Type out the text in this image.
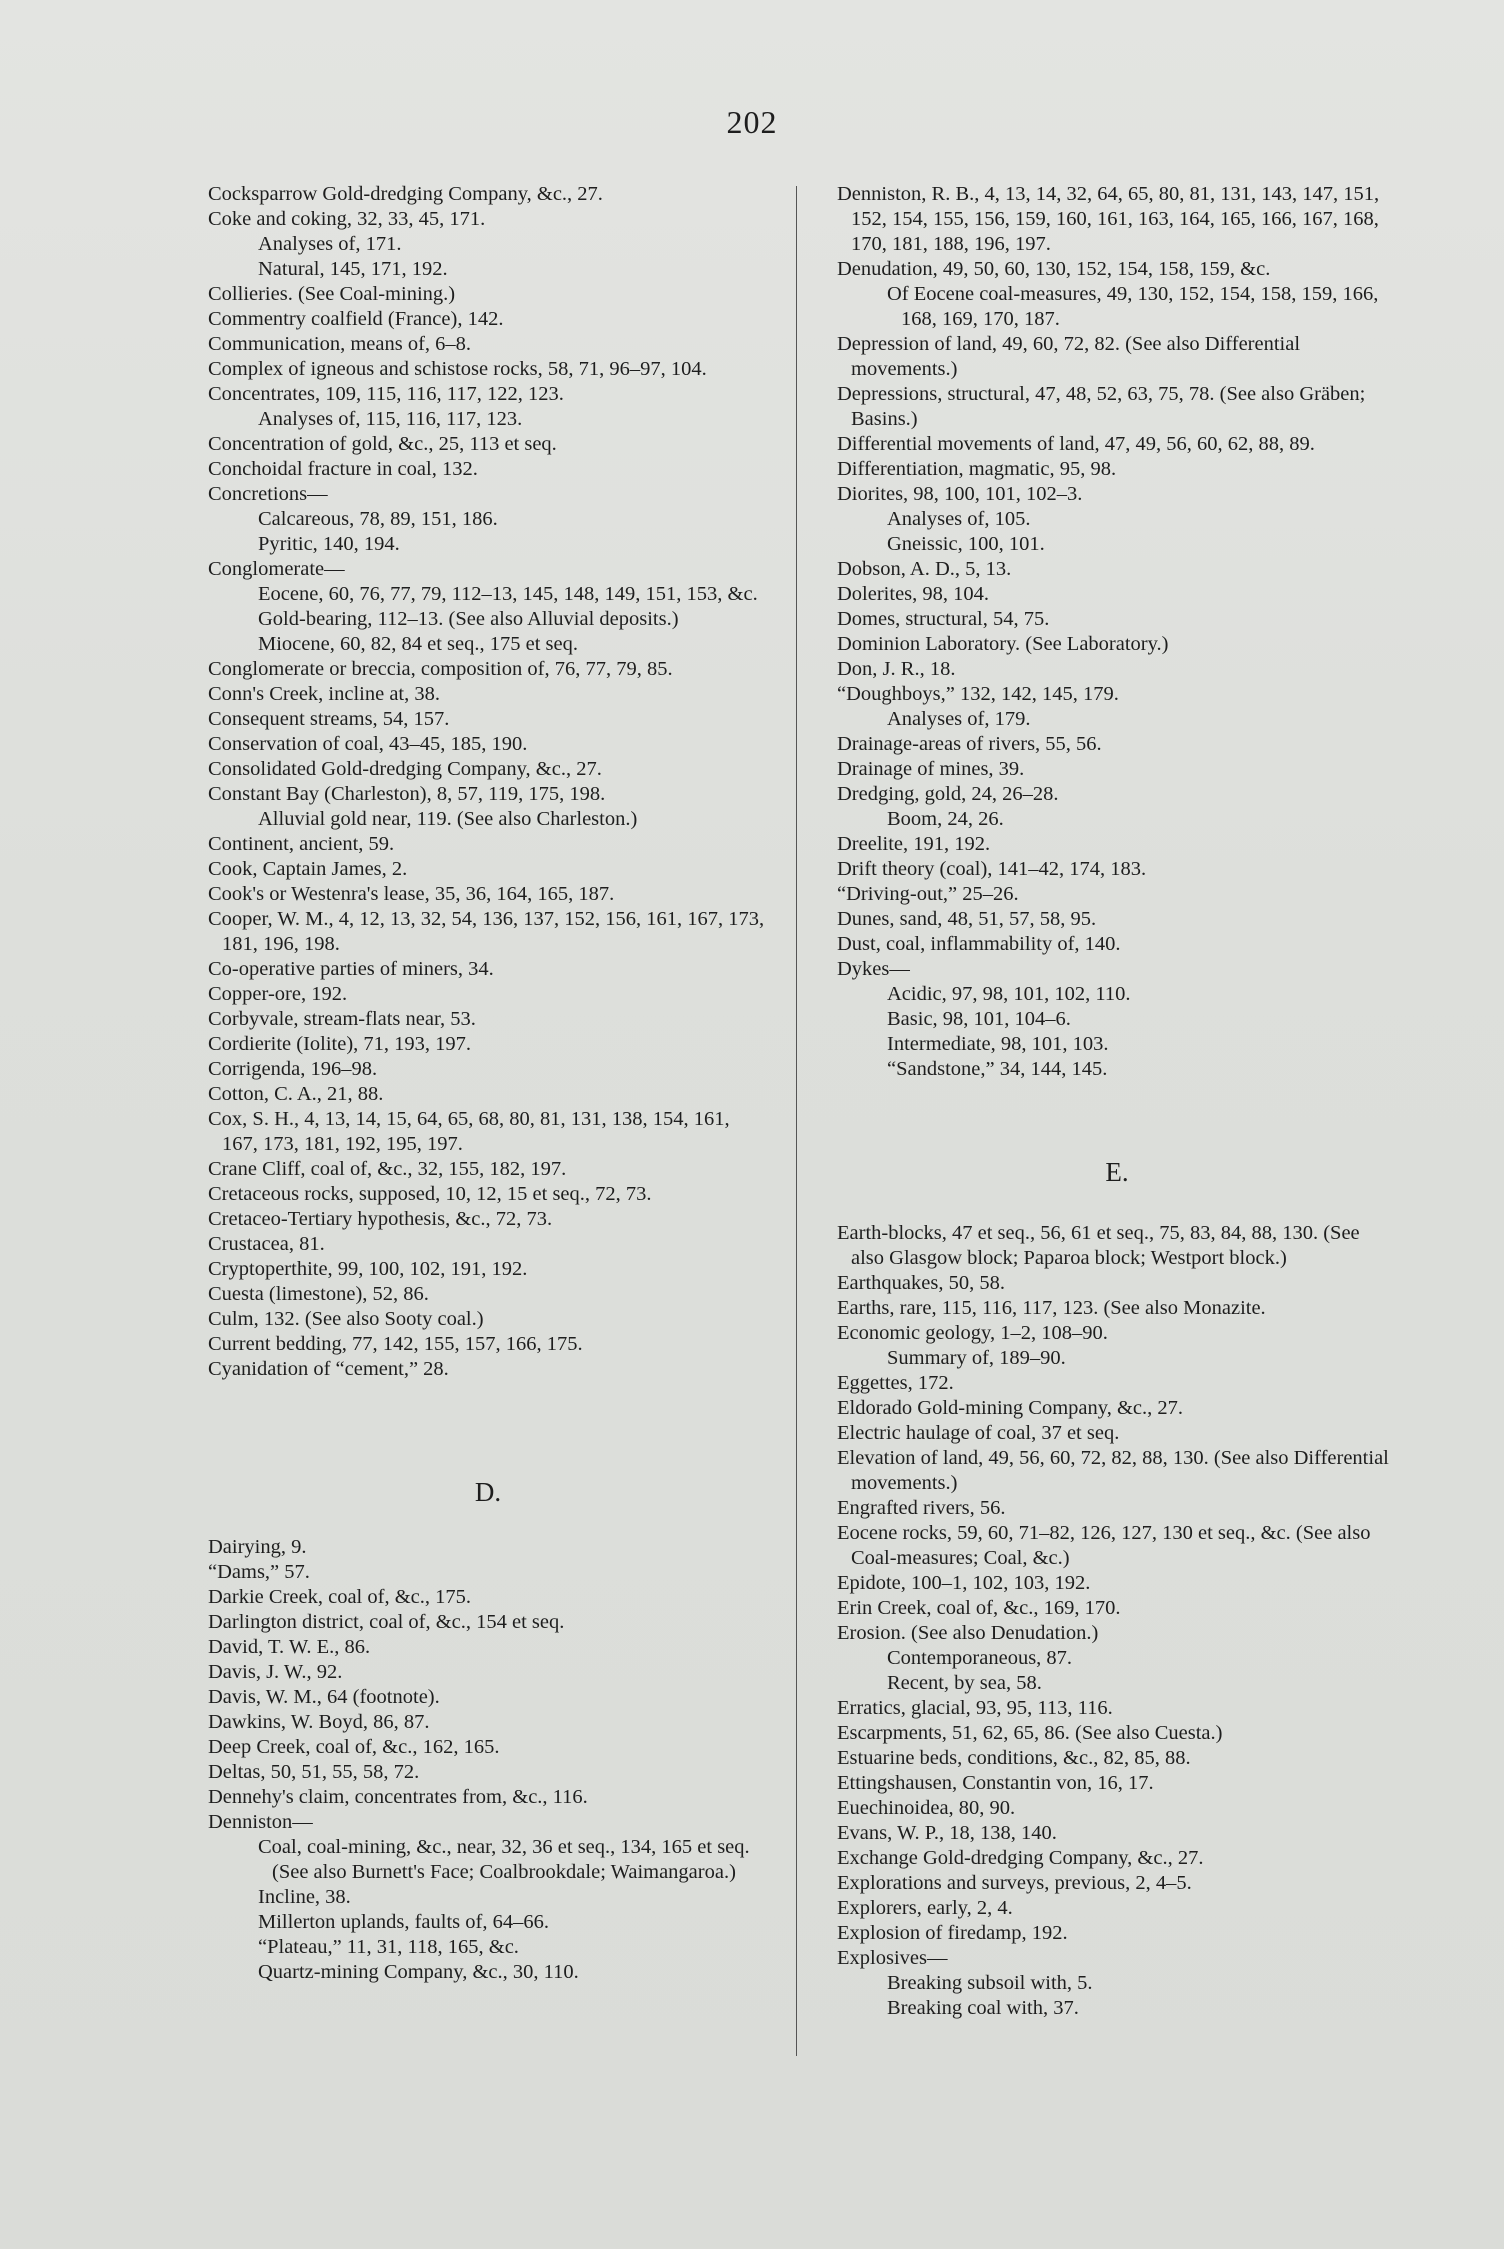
202
Cocksparrow Gold-dredging Company, &c., 27.
Coke and coking, 32, 33, 45, 171.
Analyses of, 171.
Natural, 145, 171, 192.
Collieries. (See Coal-mining.)
Commentry coalfield (France), 142.
Communication, means of, 6–8.
Complex of igneous and schistose rocks, 58, 71, 96–97, 104.
Concentrates, 109, 115, 116, 117, 122, 123.
Analyses of, 115, 116, 117, 123.
Concentration of gold, &c., 25, 113 et seq.
Conchoidal fracture in coal, 132.
Concretions—
Calcareous, 78, 89, 151, 186.
Pyritic, 140, 194.
Conglomerate—
Eocene, 60, 76, 77, 79, 112–13, 145, 148, 149, 151, 153, &c.
Gold-bearing, 112–13. (See also Alluvial deposits.)
Miocene, 60, 82, 84 et seq., 175 et seq.
Conglomerate or breccia, composition of, 76, 77, 79, 85.
Conn's Creek, incline at, 38.
Consequent streams, 54, 157.
Conservation of coal, 43–45, 185, 190.
Consolidated Gold-dredging Company, &c., 27.
Constant Bay (Charleston), 8, 57, 119, 175, 198.
Alluvial gold near, 119. (See also Charleston.)
Continent, ancient, 59.
Cook, Captain James, 2.
Cook's or Westenra's lease, 35, 36, 164, 165, 187.
Cooper, W. M., 4, 12, 13, 32, 54, 136, 137, 152, 156, 161, 167, 173, 181, 196, 198.
Co-operative parties of miners, 34.
Copper-ore, 192.
Corbyvale, stream-flats near, 53.
Cordierite (Iolite), 71, 193, 197.
Corrigenda, 196–98.
Cotton, C. A., 21, 88.
Cox, S. H., 4, 13, 14, 15, 64, 65, 68, 80, 81, 131, 138, 154, 161, 167, 173, 181, 192, 195, 197.
Crane Cliff, coal of, &c., 32, 155, 182, 197.
Cretaceous rocks, supposed, 10, 12, 15 et seq., 72, 73.
Cretaceo-Tertiary hypothesis, &c., 72, 73.
Crustacea, 81.
Cryptoperthite, 99, 100, 102, 191, 192.
Cuesta (limestone), 52, 86.
Culm, 132. (See also Sooty coal.)
Current bedding, 77, 142, 155, 157, 166, 175.
Cyanidation of “cement,” 28.
D.
Dairying, 9.
“Dams,” 57.
Darkie Creek, coal of, &c., 175.
Darlington district, coal of, &c., 154 et seq.
David, T. W. E., 86.
Davis, J. W., 92.
Davis, W. M., 64 (footnote).
Dawkins, W. Boyd, 86, 87.
Deep Creek, coal of, &c., 162, 165.
Deltas, 50, 51, 55, 58, 72.
Dennehy's claim, concentrates from, &c., 116.
Denniston—
Coal, coal-mining, &c., near, 32, 36 et seq., 134, 165 et seq. (See also Burnett's Face; Coalbrookdale; Waimangaroa.)
Incline, 38.
Millerton uplands, faults of, 64–66.
“Plateau,” 11, 31, 118, 165, &c.
Quartz-mining Company, &c., 30, 110.
Denniston, R. B., 4, 13, 14, 32, 64, 65, 80, 81, 131, 143, 147, 151, 152, 154, 155, 156, 159, 160, 161, 163, 164, 165, 166, 167, 168, 170, 181, 188, 196, 197.
Denudation, 49, 50, 60, 130, 152, 154, 158, 159, &c.
Of Eocene coal-measures, 49, 130, 152, 154, 158, 159, 166, 168, 169, 170, 187.
Depression of land, 49, 60, 72, 82. (See also Differential movements.)
Depressions, structural, 47, 48, 52, 63, 75, 78. (See also Gräben; Basins.)
Differential movements of land, 47, 49, 56, 60, 62, 88, 89.
Differentiation, magmatic, 95, 98.
Diorites, 98, 100, 101, 102–3.
Analyses of, 105.
Gneissic, 100, 101.
Dobson, A. D., 5, 13.
Dolerites, 98, 104.
Domes, structural, 54, 75.
Dominion Laboratory. (See Laboratory.)
Don, J. R., 18.
“Doughboys,” 132, 142, 145, 179.
Analyses of, 179.
Drainage-areas of rivers, 55, 56.
Drainage of mines, 39.
Dredging, gold, 24, 26–28.
Boom, 24, 26.
Dreelite, 191, 192.
Drift theory (coal), 141–42, 174, 183.
“Driving-out,” 25–26.
Dunes, sand, 48, 51, 57, 58, 95.
Dust, coal, inflammability of, 140.
Dykes—
Acidic, 97, 98, 101, 102, 110.
Basic, 98, 101, 104–6.
Intermediate, 98, 101, 103.
“Sandstone,” 34, 144, 145.
E.
Earth-blocks, 47 et seq., 56, 61 et seq., 75, 83, 84, 88, 130. (See also Glasgow block; Paparoa block; Westport block.)
Earthquakes, 50, 58.
Earths, rare, 115, 116, 117, 123. (See also Monazite.
Economic geology, 1–2, 108–90.
Summary of, 189–90.
Eggettes, 172.
Eldorado Gold-mining Company, &c., 27.
Electric haulage of coal, 37 et seq.
Elevation of land, 49, 56, 60, 72, 82, 88, 130. (See also Differential movements.)
Engrafted rivers, 56.
Eocene rocks, 59, 60, 71–82, 126, 127, 130 et seq., &c. (See also Coal-measures; Coal, &c.)
Epidote, 100–1, 102, 103, 192.
Erin Creek, coal of, &c., 169, 170.
Erosion. (See also Denudation.)
Contemporaneous, 87.
Recent, by sea, 58.
Erratics, glacial, 93, 95, 113, 116.
Escarpments, 51, 62, 65, 86. (See also Cuesta.)
Estuarine beds, conditions, &c., 82, 85, 88.
Ettingshausen, Constantin von, 16, 17.
Euechinoidea, 80, 90.
Evans, W. P., 18, 138, 140.
Exchange Gold-dredging Company, &c., 27.
Explorations and surveys, previous, 2, 4–5.
Explorers, early, 2, 4.
Explosion of firedamp, 192.
Explosives—
Breaking subsoil with, 5.
Breaking coal with, 37.
